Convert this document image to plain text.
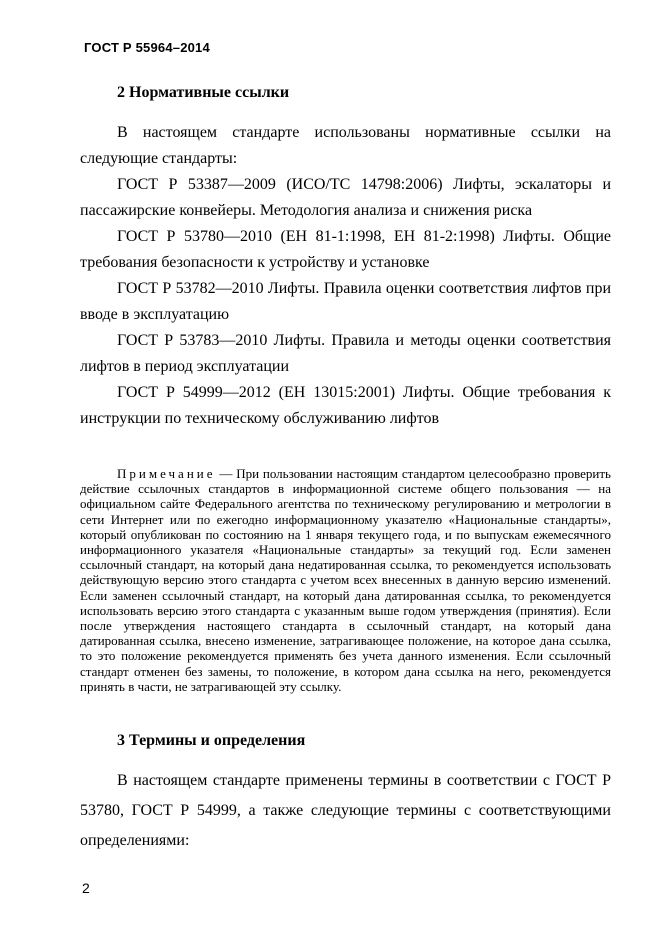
ГОСТ Р 55964–2014

2 Нормативные ссылки

В настоящем стандарте использованы нормативные ссылки на следующие стандарты:

ГОСТ Р 53387—2009 (ИСО/ТС 14798:2006) Лифты, эскалаторы и пассажирские конвейеры. Методология анализа и снижения риска

ГОСТ Р 53780—2010 (ЕН 81-1:1998, ЕН 81-2:1998) Лифты. Общие требования безопасности к устройству и установке

ГОСТ Р 53782—2010 Лифты. Правила оценки соответствия лифтов при вводе в эксплуатацию

ГОСТ Р 53783—2010 Лифты. Правила и методы оценки соответствия лифтов в период эксплуатации

ГОСТ Р 54999—2012 (ЕН 13015:2001) Лифты. Общие требования к инструкции по техническому обслуживанию лифтов

Примечание — При пользовании настоящим стандартом целесообразно проверить действие ссылочных стандартов в информационной системе общего пользования — на официальном сайте Федерального агентства по техническому регулированию и метрологии в сети Интернет или по ежегодно информационному указателю «Национальные стандарты», который опубликован по состоянию на 1 января текущего года, и по выпускам ежемесячного информационного указателя «Национальные стандарты» за текущий год. Если заменен ссылочный стандарт, на который дана недатированная ссылка, то рекомендуется использовать действующую версию этого стандарта с учетом всех внесенных в данную версию изменений. Если заменен ссылочный стандарт, на который дана датированная ссылка, то рекомендуется использовать версию этого стандарта с указанным выше годом утверждения (принятия). Если после утверждения настоящего стандарта в ссылочный стандарт, на который дана датированная ссылка, внесено изменение, затрагивающее положение, на которое дана ссылка, то это положение рекомендуется применять без учета данного изменения. Если ссылочный стандарт отменен без замены, то положение, в котором дана ссылка на него, рекомендуется принять в части, не затрагивающей эту ссылку.

3 Термины и определения

В настоящем стандарте применены термины в соответствии с ГОСТ Р 53780, ГОСТ Р 54999, а также следующие термины с соответствующими определениями:

2
